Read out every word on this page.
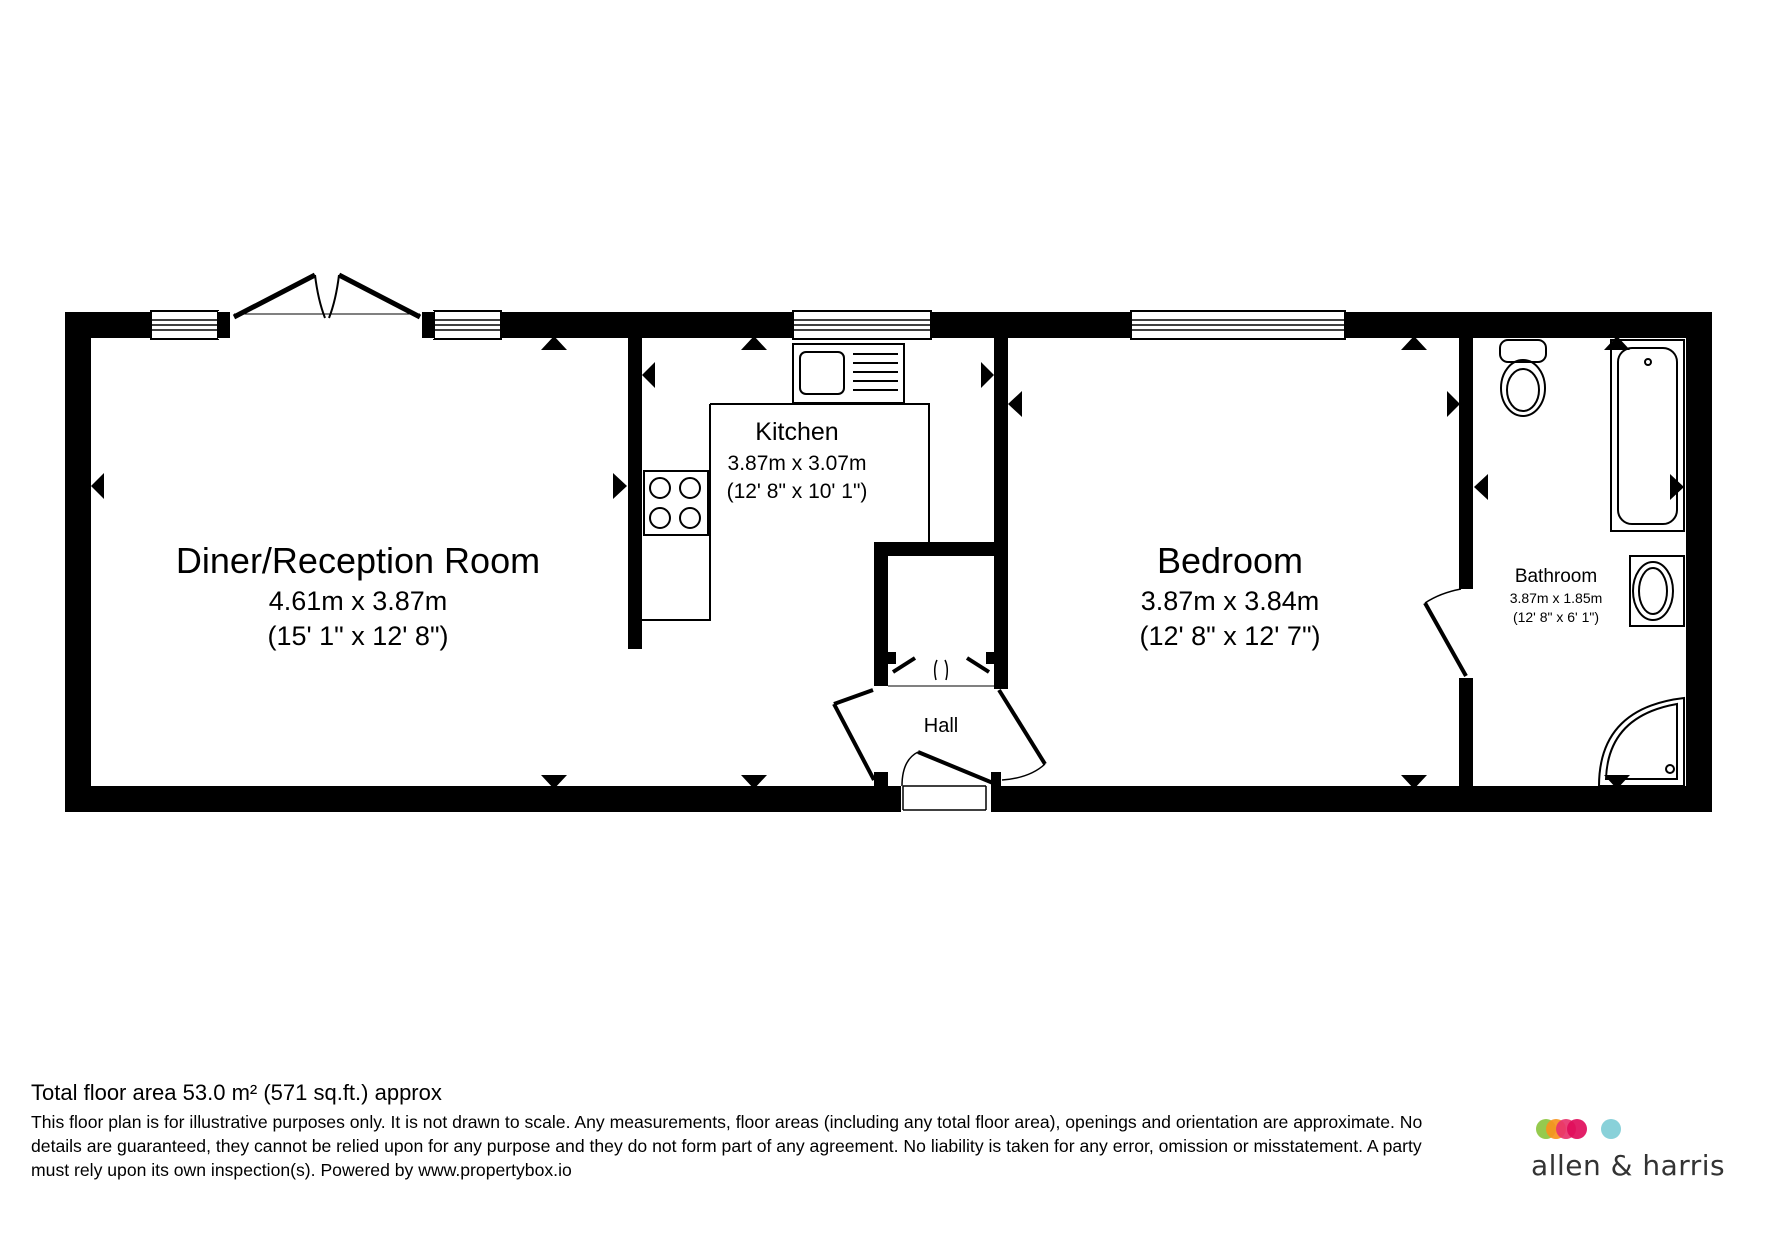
Diner/Reception Room
4.61m x 3.87m
(15' 1" x 12' 8")
Kitchen
3.87m x 3.07m
(12' 8" x 10' 1")
Bedroom
3.87m x 3.84m
(12' 8" x 12' 7")
Bathroom
3.87m x 1.85m
(12' 8" x 6' 1")
Hall

Total floor area 53.0 m² (571 sq.ft.) approx

This floor plan is for illustrative purposes only. It is not drawn to scale. Any measurements, floor areas (including any total floor area), openings and orientation are approximate. No details are guaranteed, they cannot be relied upon for any purpose and they do not form part of any agreement. No liability is taken for any error, omission or misstatement. A party must rely upon its own inspection(s). Powered by www.propertybox.io	allen & harris
